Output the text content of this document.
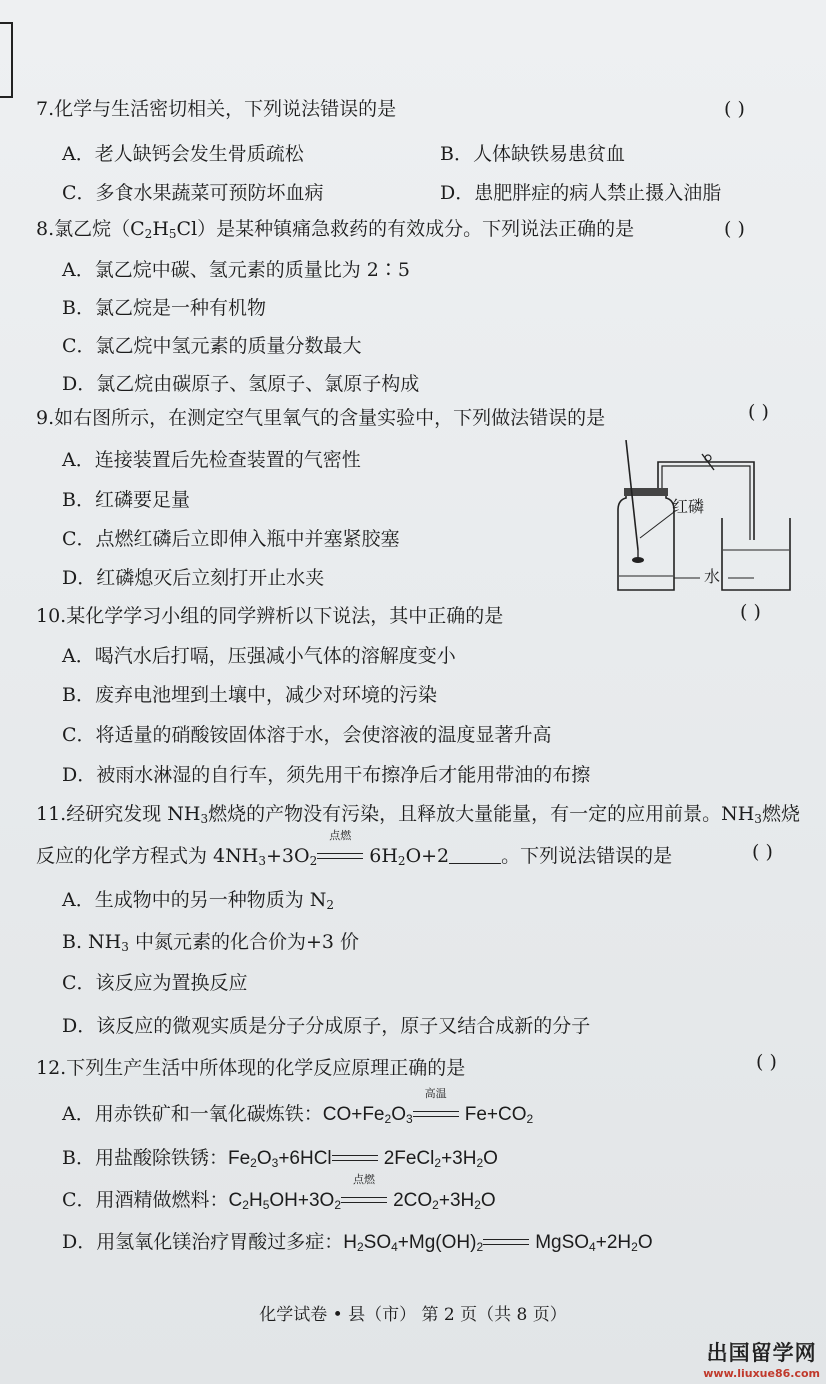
7.化学与生活密切相关，下列说法错误的是	( )
A．老人缺钙会发生骨质疏松	B．人体缺铁易患贫血
C．多食水果蔬菜可预防坏血病	D．患肥胖症的病人禁止摄入油脂
8.氯乙烷$(C_2H_5Cl)$是某种镇痛急救药的有效成分。下列说法正确的是	( )
A．氯乙烷中碳、氢元素的质量比为 2∶5
B．氯乙烷是一种有机物
C．氯乙烷中氢元素的质量分数最大
D．氯乙烷由碳原子、氢原子、氯原子构成
9.如右图所示，在测定空气里氧气的含量实验中，下列做法错误的是	( )
A．连接装置后先检查装置的气密性
B．红磷要足量
C．点燃红磷后立即伸入瓶中并塞紧胶塞
D．红磷熄灭后立刻打开止水夹
红磷
水
10.某化学学习小组的同学辨析以下说法，其中正确的是	( )
A．喝汽水后打嗝，压强减小气体的溶解度变小
B．废弃电池埋到土壤中，减少对环境的污染
C．将适量的硝酸铵固体溶于水，会使溶液的温度显著升高
D．被雨水淋湿的自行车，须先用干布擦净后才能用带油的布擦
11.经研究发现 $NH_3$燃烧的产物没有污染，且释放大量能量，有一定的应用前景。$NH_3$燃烧
反应的化学方程式为 $4NH_3+3O_2$
点燃
$6H_2O+2$	。下列说法错误的是	( )
A．生成物中的另一种物质为 $N_2$
B. $NH_3$ 中氮元素的化合价为+3 价
C．该反应为置换反应
D．该反应的微观实质是分子分成原子，原子又结合成新的分子
12.下列生产生活中所体现的化学反应原理正确的是	( )
A．用赤铁矿和一氧化碳炼铁：$CO+Fe_2O_3$
高温
$Fe+CO_2$
B．用盐酸除铁锈：$Fe_2O_3+6HCl$	$2FeCl_2+3H_2O$
C．用酒精做燃料：$C_2H_5OH+3O_2$
点燃
$2CO_2+3H_2O$
D．用氢氧化镁治疗胃酸过多症：$H_2SO_4+Mg(OH)_2$	$MgSO_4+2H_2O$
化学试卷 • 县（市） 第 2 页（共 8 页）
出国留学网
www.liuxue86.com
